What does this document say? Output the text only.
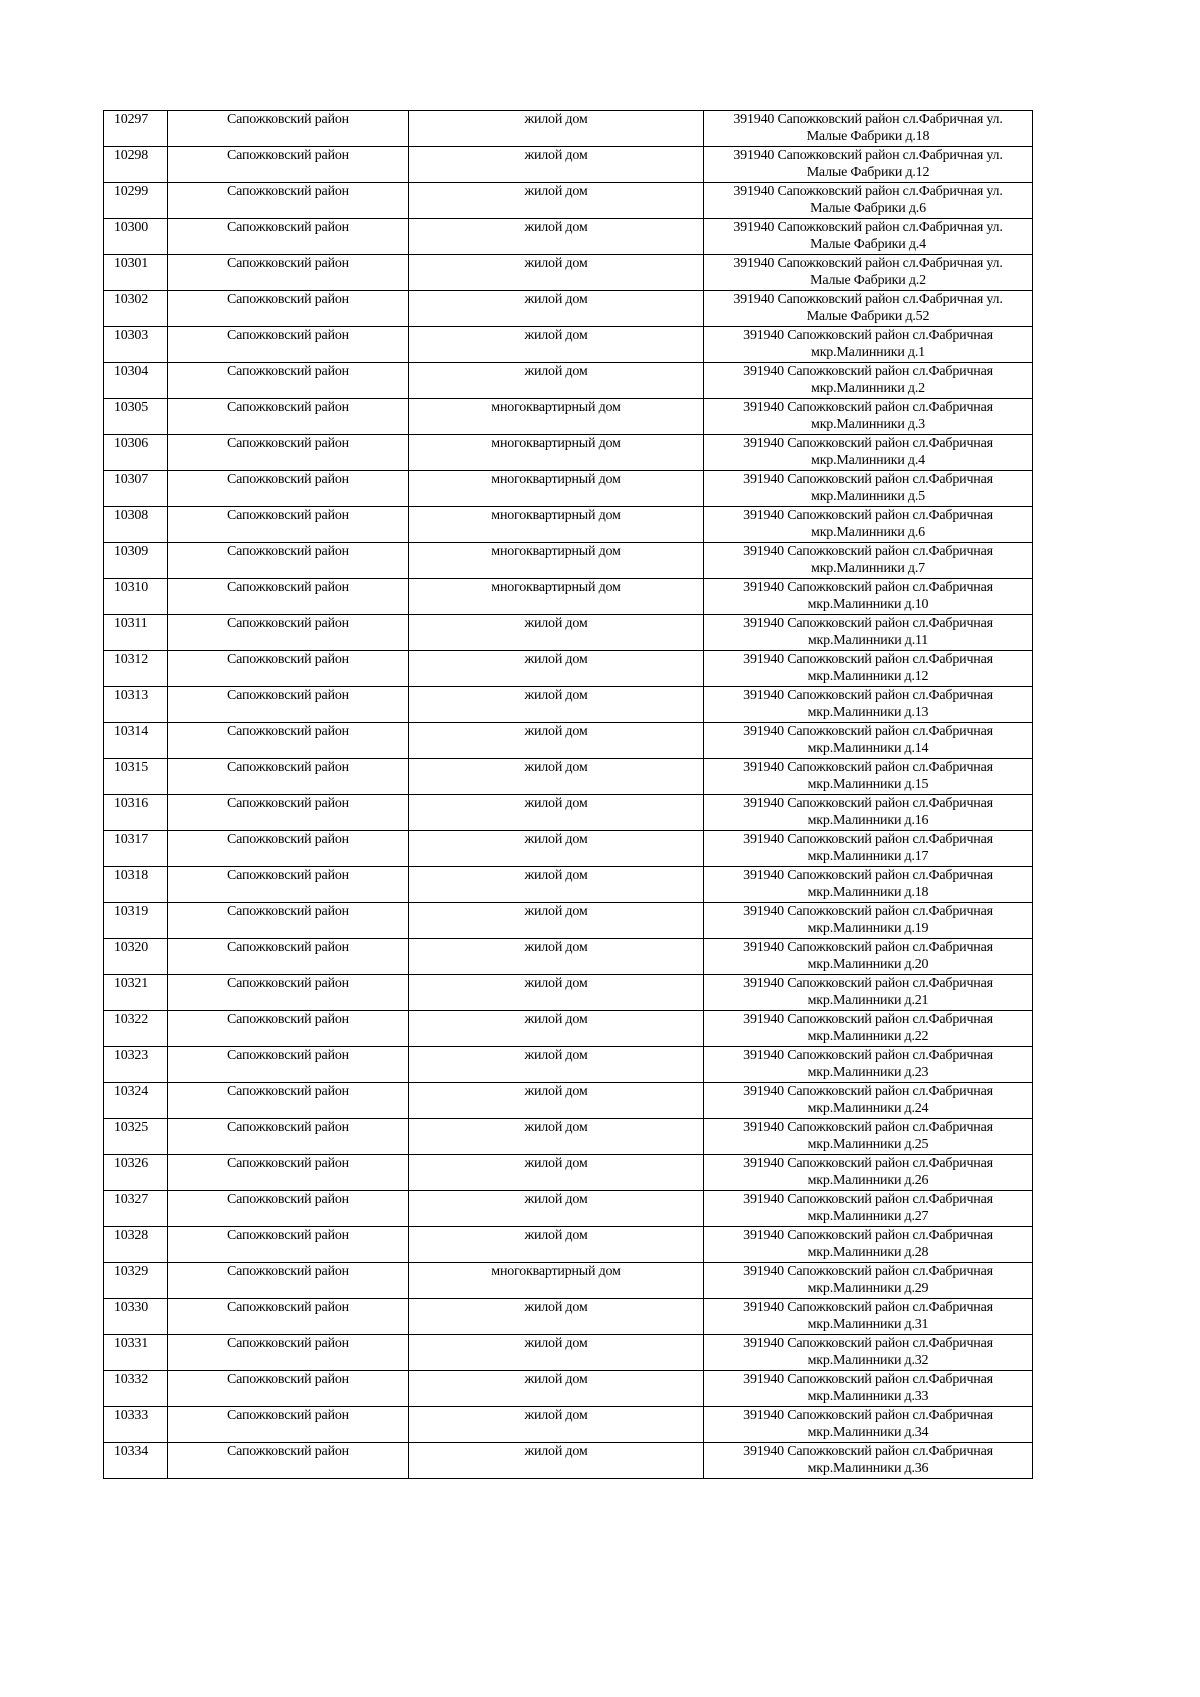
10297	Сапожковский район	жилой дом	391940 Сапожковский район сл.Фабричная ул.
Малые Фабрики д.18

10298	Сапожковский район	жилой дом	391940 Сапожковский район сл.Фабричная ул.
Малые Фабрики д.12

10299	Сапожковский район	жилой дом	391940 Сапожковский район сл.Фабричная ул.
Малые Фабрики д.6

10300	Сапожковский район	жилой дом	391940 Сапожковский район сл.Фабричная ул.
Малые Фабрики д.4

10301	Сапожковский район	жилой дом	391940 Сапожковский район сл.Фабричная ул.
Малые Фабрики д.2

10302	Сапожковский район	жилой дом	391940 Сапожковский район сл.Фабричная ул.
Малые Фабрики д.52

10303	Сапожковский район	жилой дом	391940 Сапожковский район сл.Фабричная
мкр.Малинники д.1

10304	Сапожковский район	жилой дом	391940 Сапожковский район сл.Фабричная
мкр.Малинники д.2

10305	Сапожковский район	многоквартирный дом	391940 Сапожковский район сл.Фабричная
мкр.Малинники д.3

10306	Сапожковский район	многоквартирный дом	391940 Сапожковский район сл.Фабричная
мкр.Малинники д.4

10307	Сапожковский район	многоквартирный дом	391940 Сапожковский район сл.Фабричная
мкр.Малинники д.5

10308	Сапожковский район	многоквартирный дом	391940 Сапожковский район сл.Фабричная
мкр.Малинники д.6

10309	Сапожковский район	многоквартирный дом	391940 Сапожковский район сл.Фабричная
мкр.Малинники д.7

10310	Сапожковский район	многоквартирный дом	391940 Сапожковский район сл.Фабричная
мкр.Малинники д.10

10311	Сапожковский район	жилой дом	391940 Сапожковский район сл.Фабричная
мкр.Малинники д.11

10312	Сапожковский район	жилой дом	391940 Сапожковский район сл.Фабричная
мкр.Малинники д.12

10313	Сапожковский район	жилой дом	391940 Сапожковский район сл.Фабричная
мкр.Малинники д.13

10314	Сапожковский район	жилой дом	391940 Сапожковский район сл.Фабричная
мкр.Малинники д.14

10315	Сапожковский район	жилой дом	391940 Сапожковский район сл.Фабричная
мкр.Малинники д.15

10316	Сапожковский район	жилой дом	391940 Сапожковский район сл.Фабричная
мкр.Малинники д.16

10317	Сапожковский район	жилой дом	391940 Сапожковский район сл.Фабричная
мкр.Малинники д.17

10318	Сапожковский район	жилой дом	391940 Сапожковский район сл.Фабричная
мкр.Малинники д.18

10319	Сапожковский район	жилой дом	391940 Сапожковский район сл.Фабричная
мкр.Малинники д.19

10320	Сапожковский район	жилой дом	391940 Сапожковский район сл.Фабричная
мкр.Малинники д.20

10321	Сапожковский район	жилой дом	391940 Сапожковский район сл.Фабричная
мкр.Малинники д.21

10322	Сапожковский район	жилой дом	391940 Сапожковский район сл.Фабричная
мкр.Малинники д.22

10323	Сапожковский район	жилой дом	391940 Сапожковский район сл.Фабричная
мкр.Малинники д.23

10324	Сапожковский район	жилой дом	391940 Сапожковский район сл.Фабричная
мкр.Малинники д.24

10325	Сапожковский район	жилой дом	391940 Сапожковский район сл.Фабричная
мкр.Малинники д.25

10326	Сапожковский район	жилой дом	391940 Сапожковский район сл.Фабричная
мкр.Малинники д.26

10327	Сапожковский район	жилой дом	391940 Сапожковский район сл.Фабричная
мкр.Малинники д.27

10328	Сапожковский район	жилой дом	391940 Сапожковский район сл.Фабричная
мкр.Малинники д.28

10329	Сапожковский район	многоквартирный дом	391940 Сапожковский район сл.Фабричная
мкр.Малинники д.29

10330	Сапожковский район	жилой дом	391940 Сапожковский район сл.Фабричная
мкр.Малинники д.31

10331	Сапожковский район	жилой дом	391940 Сапожковский район сл.Фабричная
мкр.Малинники д.32

10332	Сапожковский район	жилой дом	391940 Сапожковский район сл.Фабричная
мкр.Малинники д.33

10333	Сапожковский район	жилой дом	391940 Сапожковский район сл.Фабричная
мкр.Малинники д.34

10334	Сапожковский район	жилой дом	391940 Сапожковский район сл.Фабричная
мкр.Малинники д.36
